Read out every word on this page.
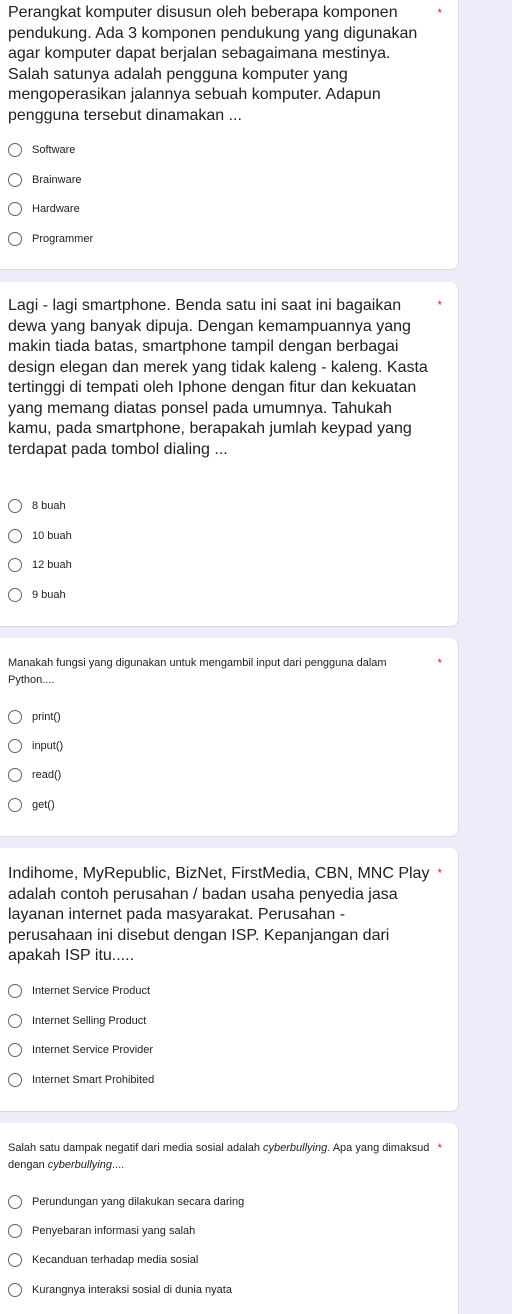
Perangkat komputer disusun oleh beberapa komponen pendukung. Ada 3 komponen pendukung yang digunakan agar komputer dapat berjalan sebagaimana mestinya. Salah satunya adalah pengguna komputer yang mengoperasikan jalannya sebuah komputer. Adapun pengguna tersebut dinamakan ...
*
Software
Brainware
Hardware
Programmer
Lagi - lagi smartphone. Benda satu ini saat ini bagaikan dewa yang banyak dipuja. Dengan kemampuannya yang makin tiada batas, smartphone tampil dengan berbagai design elegan dan merek yang tidak kaleng - kaleng. Kasta tertinggi di tempati oleh Iphone dengan fitur dan kekuatan yang memang diatas ponsel pada umumnya. Tahukah kamu, pada smartphone, berapakah jumlah keypad yang terdapat pada tombol dialing ...
*
8 buah
10 buah
12 buah
9 buah
Manakah fungsi yang digunakan untuk mengambil input dari pengguna dalam Python....
*
print()
input()
read()
get()
Indihome, MyRepublic, BizNet, FirstMedia, CBN, MNC Play adalah contoh perusahan / badan usaha penyedia jasa layanan internet pada masyarakat. Perusahan - perusahaan ini disebut dengan ISP. Kepanjangan dari apakah ISP itu.....
*
Internet Service Product
Internet Selling Product
Internet Service Provider
Internet Smart Prohibited
Salah satu dampak negatif dari media sosial adalah cyberbullying. Apa yang dimaksud dengan cyberbullying....
*
Perundungan yang dilakukan secara daring
Penyebaran informasi yang salah
Kecanduan terhadap media sosial
Kurangnya interaksi sosial di dunia nyata
